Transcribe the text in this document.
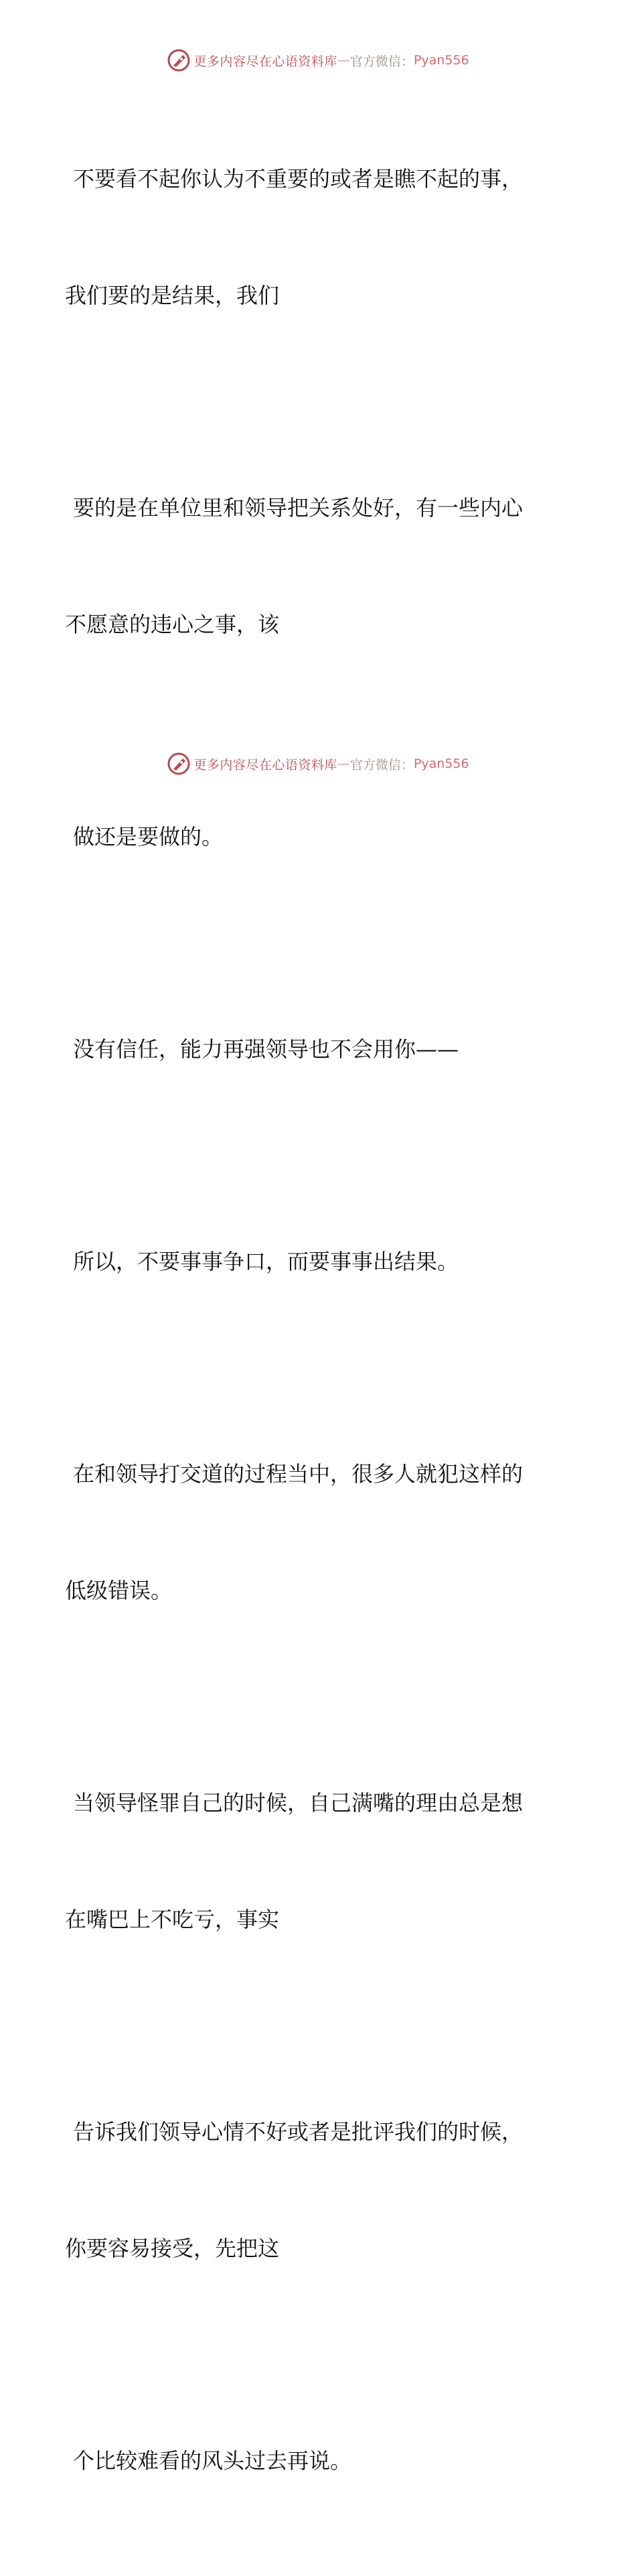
更多内容尽在心语资料库 — 官方微信： Pyan556

不要看不起你认为不重要的或者是瞧不起的事，

我们要的是结果，我们

要的是在单位里和领导把关系处好，有一些内心

不愿意的违心之事，该

做还是要做的。

没有信任，能力再强领导也不会用你——

所以，不要事事争口，而要事事出结果。

在和领导打交道的过程当中，很多人就犯这样的

低级错误。

当领导怪罪自己的时候，自己满嘴的理由总是想

在嘴巴上不吃亏，事实

告诉我们领导心情不好或者是批评我们的时候，

你要容易接受，先把这

个比较难看的风头过去再说。

更多内容尽在心语资料库 — 官方微信： Pyan556
